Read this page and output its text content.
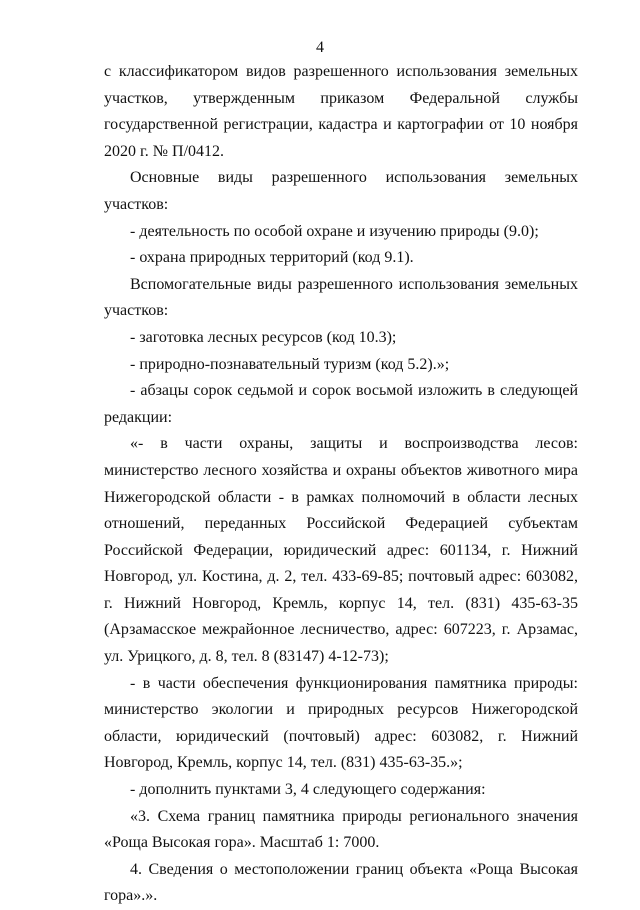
4

с классификатором видов разрешенного использования земельных участков, утвержденным приказом Федеральной службы государственной регистрации, кадастра и картографии от 10 ноября 2020 г. № П/0412.

Основные виды разрешенного использования земельных участков:

- деятельность по особой охране и изучению природы (9.0);

- охрана природных территорий (код 9.1).

Вспомогательные виды разрешенного использования земельных участков:

- заготовка лесных ресурсов (код 10.3);

- природно-познавательный туризм (код 5.2).»;

- абзацы сорок седьмой и сорок восьмой изложить в следующей редакции:

«- в части охраны, защиты и воспроизводства лесов: министерство лесного хозяйства и охраны объектов животного мира Нижегородской области - в рамках полномочий в области лесных отношений, переданных Российской Федерацией субъектам Российской Федерации, юридический адрес: 601134, г. Нижний Новгород, ул. Костина, д. 2, тел. 433-69-85; почтовый адрес: 603082, г. Нижний Новгород, Кремль, корпус 14, тел. (831) 435-63-35 (Арзамасское межрайонное лесничество, адрес: 607223, г. Арзамас, ул. Урицкого, д. 8, тел. 8 (83147) 4-12-73);

- в части обеспечения функционирования памятника природы: министерство экологии и природных ресурсов Нижегородской области, юридический (почтовый) адрес: 603082, г. Нижний Новгород, Кремль, корпус 14, тел. (831) 435-63-35.»;

- дополнить пунктами 3, 4 следующего содержания:

«3. Схема границ памятника природы регионального значения «Роща Высокая гора». Масштаб 1: 7000.

4. Сведения о местоположении границ объекта «Роща Высокая гора».».
